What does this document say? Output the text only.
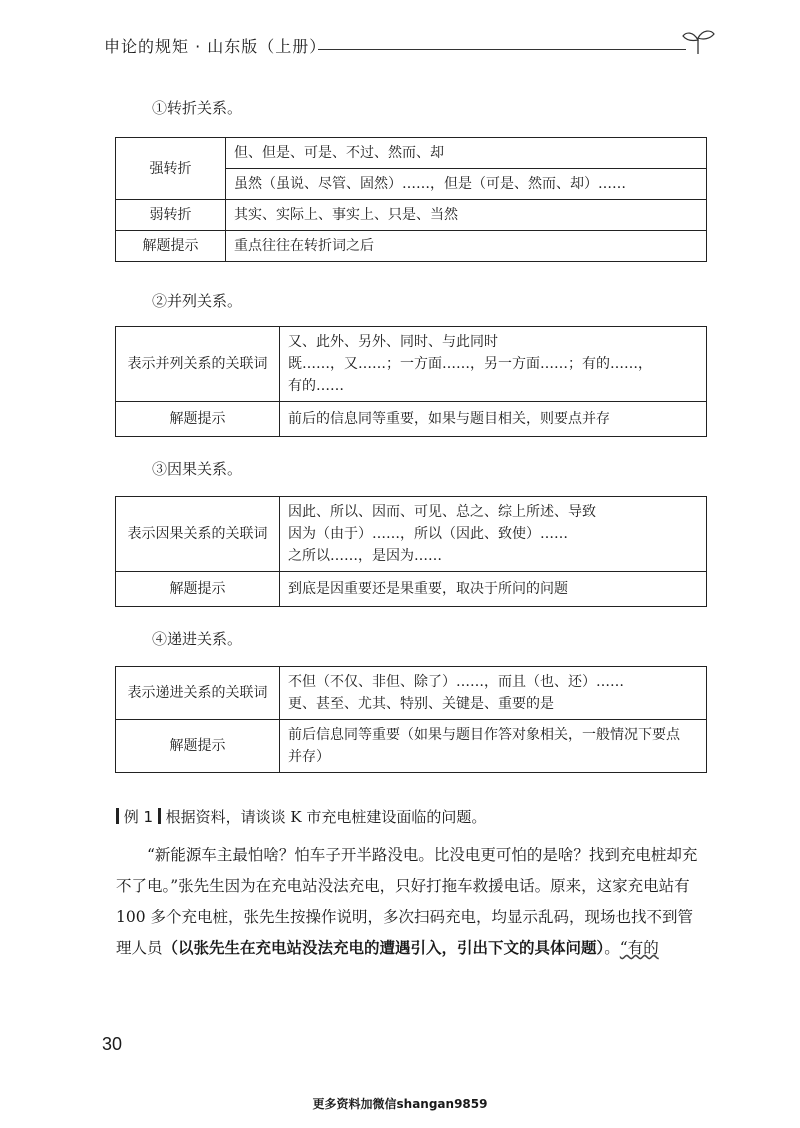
申论的规矩 · 山东版（上册）
①转折关系。
强转折	但、但是、可是、不过、然而、却
	虽然（虽说、尽管、固然）……，但是（可是、然而、却）……
弱转折	其实、实际上、事实上、只是、当然
解题提示	重点往往在转折词之后
②并列关系。
表示并列关系的关联词	又、此外、另外、同时、与此同时
既……，又……；一方面……，另一方面……；有的……，
有的……

解题提示	前后的信息同等重要，如果与题目相关，则要点并存
③因果关系。
表示因果关系的关联词	因此、所以、因而、可见、总之、综上所述、导致
因为（由于）……，所以（因此、致使）……
之所以……，是因为……

解题提示	到底是因重要还是果重要，取决于所问的问题
④递进关系。
表示递进关系的关联词	不但（不仅、非但、除了）……，而且（也、还）……
更、甚至、尤其、特别、关键是、重要的是

解题提示	前后信息同等重要（如果与题目作答对象相关，一般情况下要点
并存）
例 1 根据资料，请谈谈 K 市充电桩建设面临的问题。
  “新能源车主最怕啥？怕车子开半路没电。比没电更可怕的是啥？找到充电桩却充不了电。”张先生因为在充电站没法充电，只好打拖车救援电话。原来，这家充电站有 100 多个充电桩，张先生按操作说明，多次扫码充电，均显示乱码，现场也找不到管理人员（以张先生在充电站没法充电的遭遇引入，引出下文的具体问题）。“有的
30
更多资料加微信shangan9859
